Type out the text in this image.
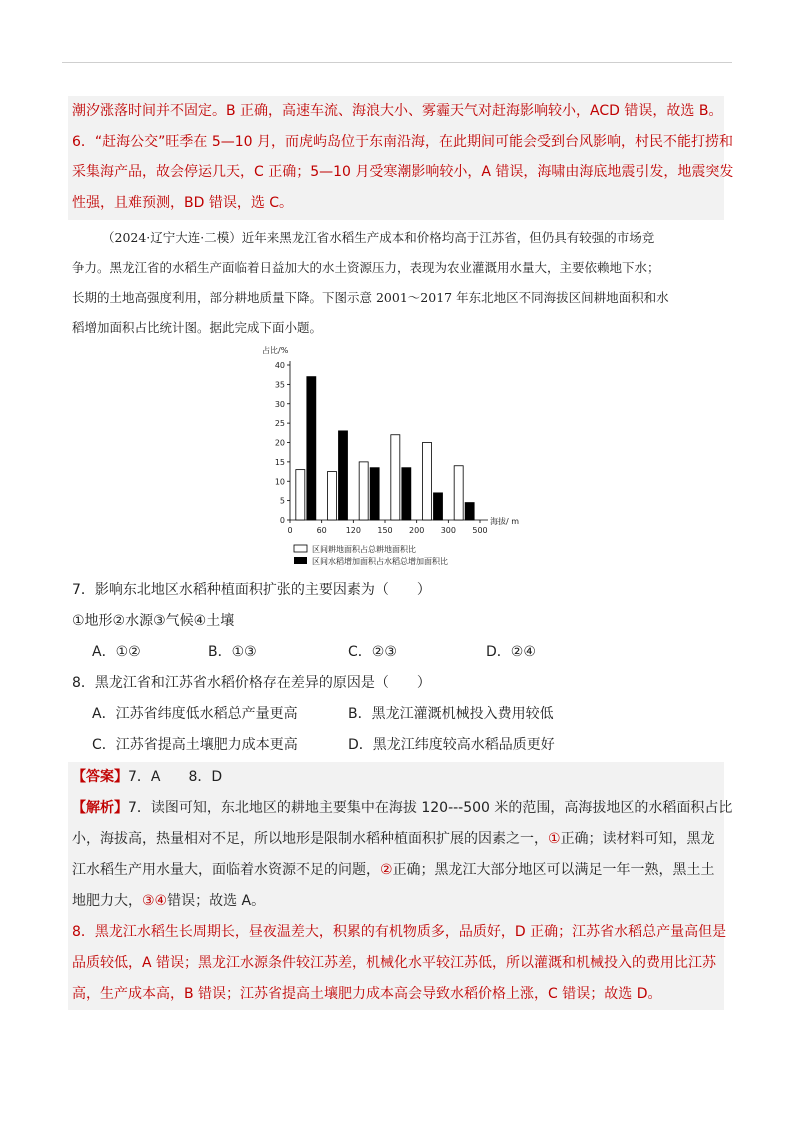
潮汐涨落时间并不固定。B 正确，高速车流、海浪大小、雾霾天气对赶海影响较小，ACD 错误，故选 B。
6．“赶海公交”旺季在 5—10 月，而虎屿岛位于东南沿海，在此期间可能会受到台风影响，村民不能打捞和
采集海产品，故会停运几天，C 正确；5—10 月受寒潮影响较小，A 错误，海啸由海底地震引发，地震突发
性强，且难预测，BD 错误，选 C。
（2024·辽宁大连·二模）近年来黑龙江省水稻生产成本和价格均高于江苏省，但仍具有较强的市场竞
争力。黑龙江省的水稻生产面临着日益加大的水土资源压力，表现为农业灌溉用水量大，主要依赖地下水；
长期的土地高强度利用，部分耕地质量下降。下图示意 2001～2017 年东北地区不同海拔区间耕地面积和水
稻增加面积占比统计图。据此完成下面小题。
占比/%
海拔/ m
0
5
10
15
20
25
30
35
40
0	60 120 150 200 300 500
区间耕地面积占总耕地面积比
区间水稻增加面积占水稻总增加面积比
7．影响东北地区水稻种植面积扩张的主要因素为（　　）
①地形②水源③气候④土壤
A．①②	B．①③	C．②③	D．②④
8．黑龙江省和江苏省水稻价格存在差异的原因是（　　）
A．江苏省纬度低水稻总产量更高	B．黑龙江灌溉机械投入费用较低
C．江苏省提高土壤肥力成本更高	D．黑龙江纬度较高水稻品质更好
【答案】7．A　　8．D
【解析】7．读图可知，东北地区的耕地主要集中在海拔 120---500 米的范围，高海拔地区的水稻面积占比
小，海拔高，热量相对不足，所以地形是限制水稻种植面积扩展的因素之一，①正确；读材料可知，黑龙
江水稻生产用水量大，面临着水资源不足的问题，②正确；黑龙江大部分地区可以满足一年一熟，黑土土
地肥力大，③④错误；故选 A。
8．黑龙江水稻生长周期长，昼夜温差大，积累的有机物质多，品质好，D 正确；江苏省水稻总产量高但是
品质较低，A 错误；黑龙江水源条件较江苏差，机械化水平较江苏低，所以灌溉和机械投入的费用比江苏
高，生产成本高，B 错误；江苏省提高土壤肥力成本高会导致水稻价格上涨，C 错误；故选 D。
